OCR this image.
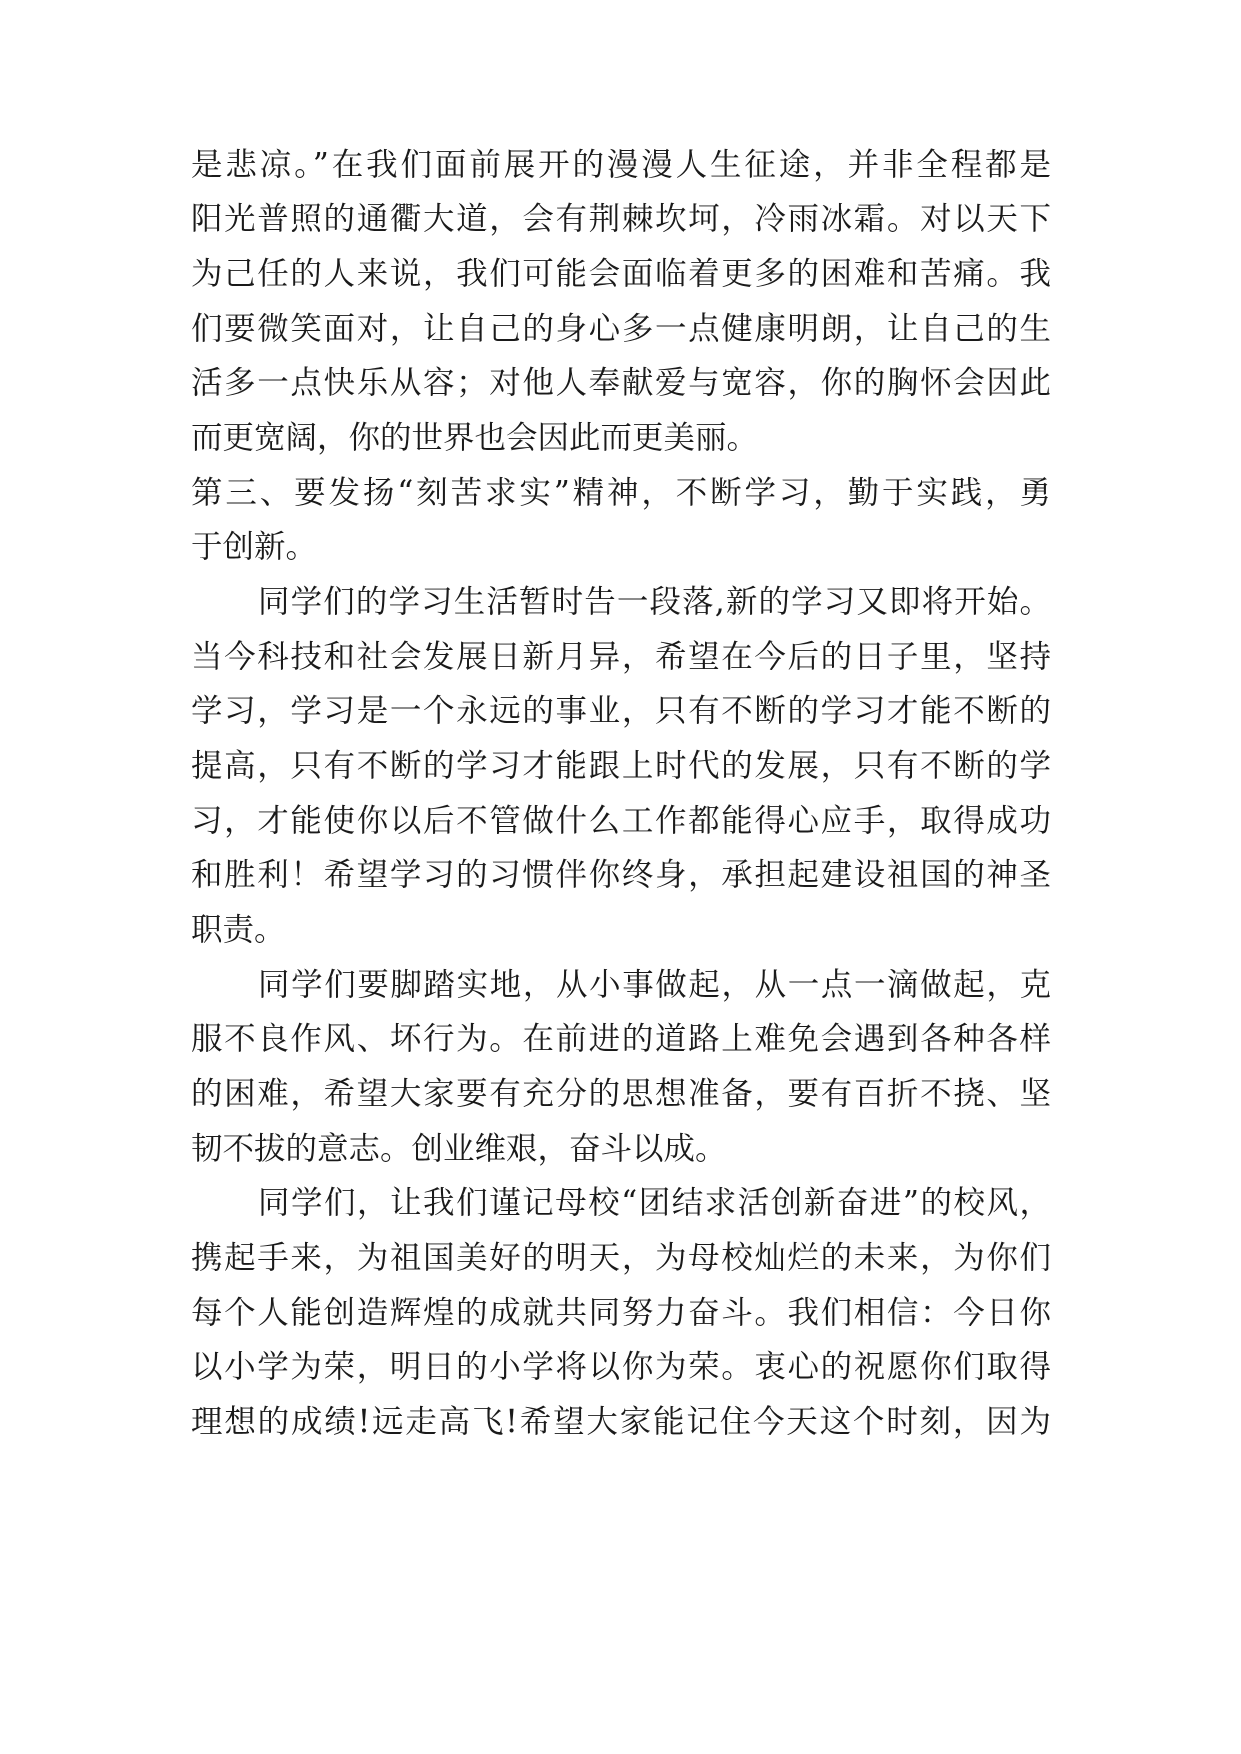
是悲凉。”在我们面前展开的漫漫人生征途，并非全程都是
阳光普照的通衢大道，会有荆棘坎坷，冷雨冰霜。对以天下
为己任的人来说，我们可能会面临着更多的困难和苦痛。我
们要微笑面对，让自己的身心多一点健康明朗，让自己的生
活多一点快乐从容；对他人奉献爱与宽容，你的胸怀会因此
而更宽阔，你的世界也会因此而更美丽。
第三、要发扬“刻苦求实”精神，不断学习，勤于实践，勇
于创新。
同学们的学习生活暂时告一段落,新的学习又即将开始。
当今科技和社会发展日新月异，希望在今后的日子里，坚持
学习，学习是一个永远的事业，只有不断的学习才能不断的
提高，只有不断的学习才能跟上时代的发展，只有不断的学
习，才能使你以后不管做什么工作都能得心应手，取得成功
和胜利！希望学习的习惯伴你终身，承担起建设祖国的神圣
职责。
同学们要脚踏实地，从小事做起，从一点一滴做起，克
服不良作风、坏行为。在前进的道路上难免会遇到各种各样
的困难，希望大家要有充分的思想准备，要有百折不挠、坚
韧不拔的意志。创业维艰，奋斗以成。
同学们，让我们谨记母校“团结求活创新奋进”的校风，
携起手来，为祖国美好的明天，为母校灿烂的未来，为你们
每个人能创造辉煌的成就共同努力奋斗。我们相信：今日你
以小学为荣，明日的小学将以你为荣。衷心的祝愿你们取得
理想的成绩!远走高飞!希望大家能记住今天这个时刻，因为
